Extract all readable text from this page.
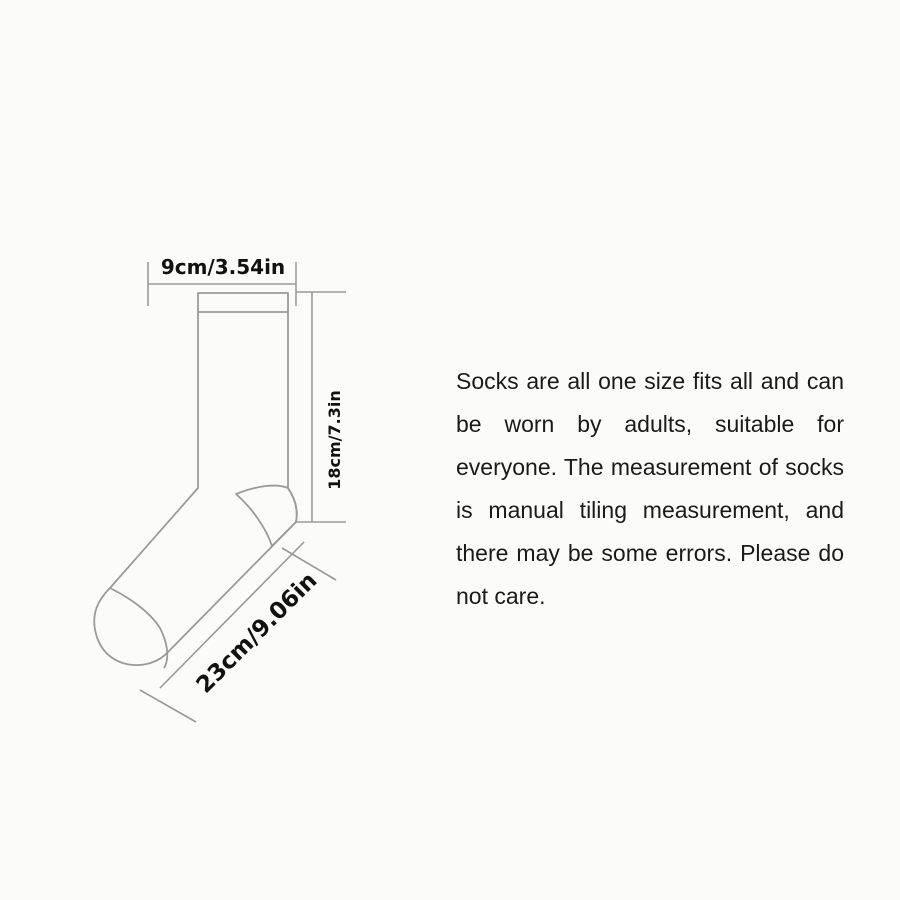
9cm/3.54in
18cm/7.3in
23cm/9.06in

Socks are all one size fits all and can be worn by adults, suitable for everyone. The measurement of socks is manual tiling measurement, and there may be some errors. Please do not care.
